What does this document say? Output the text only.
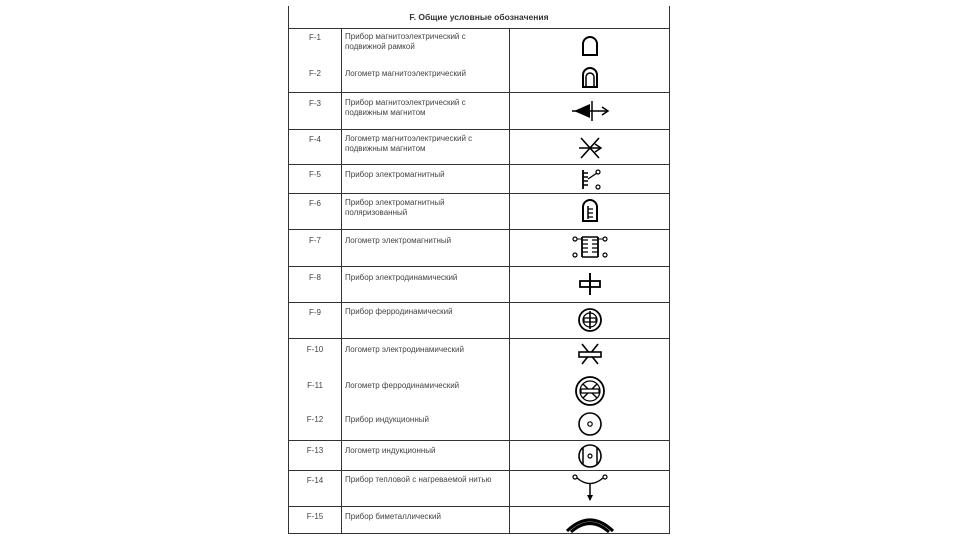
F. Общие условные обозначения
F-1	Прибор магнитоэлектрический с подвижной рамкой
F-2	Логометр магнитоэлектрический
F-3	Прибор магнитоэлектрический с подвижным магнитом
F-4	Логометр магнитоэлектрический с подвижным магнитом
F-5	Прибор электромагнитный
F-6	Прибор электромагнитный поляризованный
F-7	Логометр электромагнитный
F-8	Прибор электродинамический
F-9	Прибор ферродинамический
F-10	Логометр электродинамический
F-11	Логометр ферродинамический
F-12	Прибор индукционный
F-13	Логометр индукционный
F-14	Прибор тепловой с нагреваемой нитью
F-15	Прибор биметаллический
